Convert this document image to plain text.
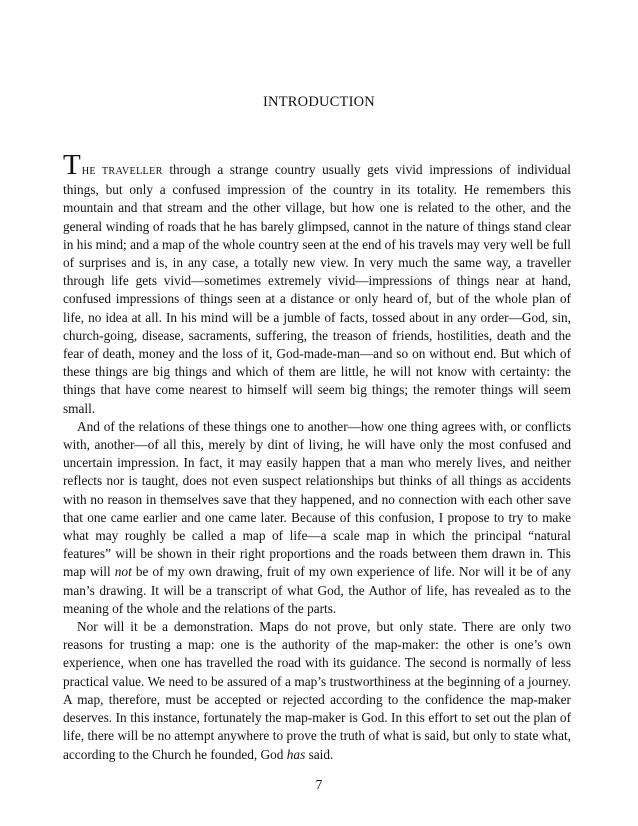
INTRODUCTION

THE TRAVELLER through a strange country usually gets vivid impressions of individual things, but only a confused impression of the country in its totality. He remembers this mountain and that stream and the other village, but how one is related to the other, and the general winding of roads that he has barely glimpsed, cannot in the nature of things stand clear in his mind; and a map of the whole country seen at the end of his travels may very well be full of surprises and is, in any case, a totally new view. In very much the same way, a traveller through life gets vivid—sometimes extremely vivid—impressions of things near at hand, confused impressions of things seen at a distance or only heard of, but of the whole plan of life, no idea at all. In his mind will be a jumble of facts, tossed about in any order—God, sin, church-going, disease, sacraments, suffering, the treason of friends, hostilities, death and the fear of death, money and the loss of it, God-made-man—and so on without end. But which of these things are big things and which of them are little, he will not know with certainty: the things that have come nearest to himself will seem big things; the remoter things will seem small.

And of the relations of these things one to another—how one thing agrees with, or conflicts with, another—of all this, merely by dint of living, he will have only the most confused and uncertain impression. In fact, it may easily happen that a man who merely lives, and neither reflects nor is taught, does not even suspect relationships but thinks of all things as accidents with no reason in themselves save that they happened, and no connection with each other save that one came earlier and one came later. Because of this confusion, I propose to try to make what may roughly be called a map of life—a scale map in which the principal “natural features” will be shown in their right proportions and the roads between them drawn in. This map will not be of my own drawing, fruit of my own experience of life. Nor will it be of any man’s drawing. It will be a transcript of what God, the Author of life, has revealed as to the meaning of the whole and the relations of the parts.

Nor will it be a demonstration. Maps do not prove, but only state. There are only two reasons for trusting a map: one is the authority of the map-maker: the other is one’s own experience, when one has travelled the road with its guidance. The second is normally of less practical value. We need to be assured of a map’s trustworthiness at the beginning of a journey. A map, therefore, must be accepted or rejected according to the confidence the map-maker deserves. In this instance, fortunately the map-maker is God. In this effort to set out the plan of life, there will be no attempt anywhere to prove the truth of what is said, but only to state what, according to the Church he founded, God has said.

7
